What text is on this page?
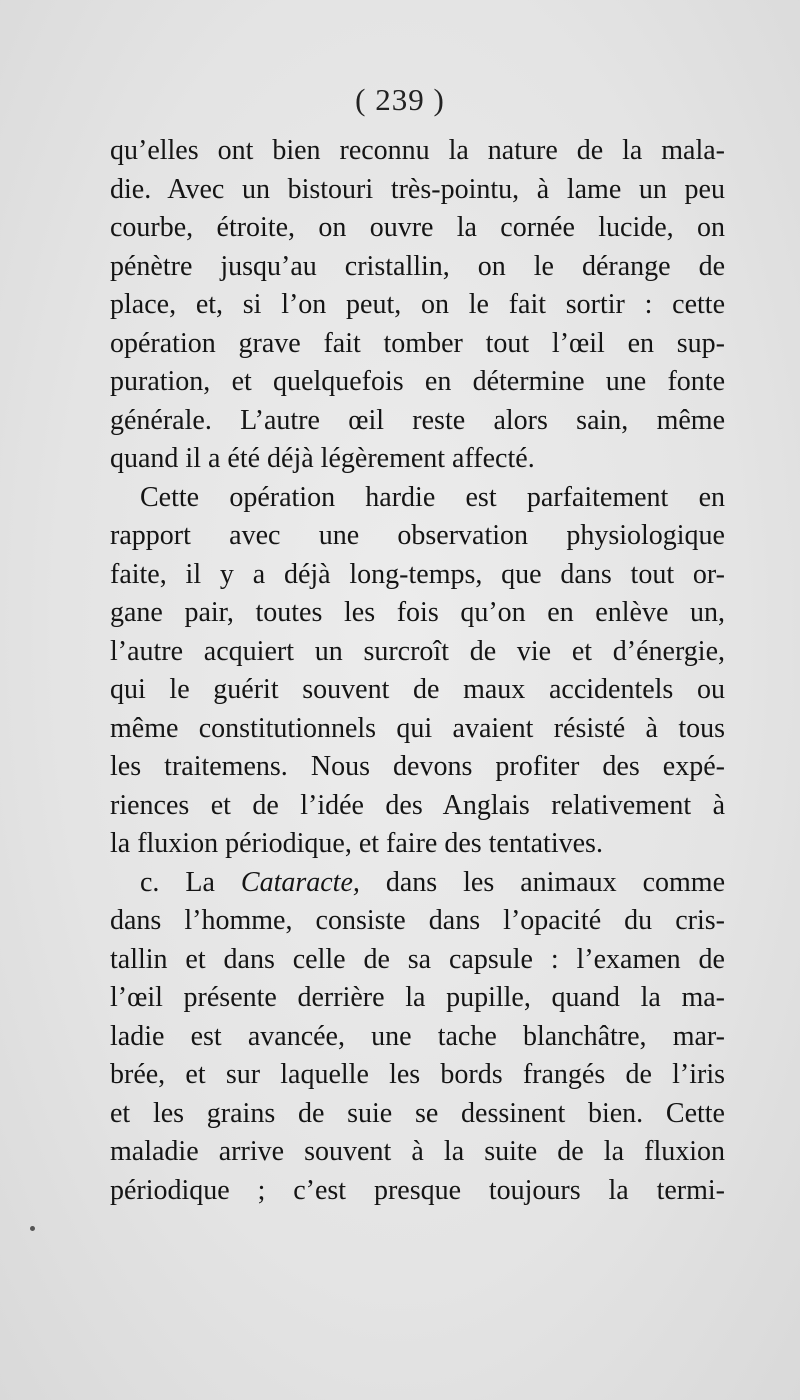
( 239 )
qu’elles ont bien reconnu la nature de la mala-
die. Avec un bistouri très-pointu, à lame un peu
courbe, étroite, on ouvre la cornée lucide, on
pénètre jusqu’au cristallin, on le dérange de
place, et, si l’on peut, on le fait sortir : cette
opération grave fait tomber tout l’œil en sup-
puration, et quelquefois en détermine une fonte
générale. L’autre œil reste alors sain, même
quand il a été déjà légèrement affecté.
Cette opération hardie est parfaitement en
rapport avec une observation physiologique
faite, il y a déjà long-temps, que dans tout or-
gane pair, toutes les fois qu’on en enlève un,
l’autre acquiert un surcroît de vie et d’énergie,
qui le guérit souvent de maux accidentels ou
même constitutionnels qui avaient résisté à tous
les traitemens. Nous devons profiter des expé-
riences et de l’idée des Anglais relativement à
la fluxion périodique, et faire des tentatives.
c. La Cataracte, dans les animaux comme
dans l’homme, consiste dans l’opacité du cris-
tallin et dans celle de sa capsule : l’examen de
l’œil présente derrière la pupille, quand la ma-
ladie est avancée, une tache blanchâtre, mar-
brée, et sur laquelle les bords frangés de l’iris
et les grains de suie se dessinent bien. Cette
maladie arrive souvent à la suite de la fluxion
périodique ; c’est presque toujours la termi-
